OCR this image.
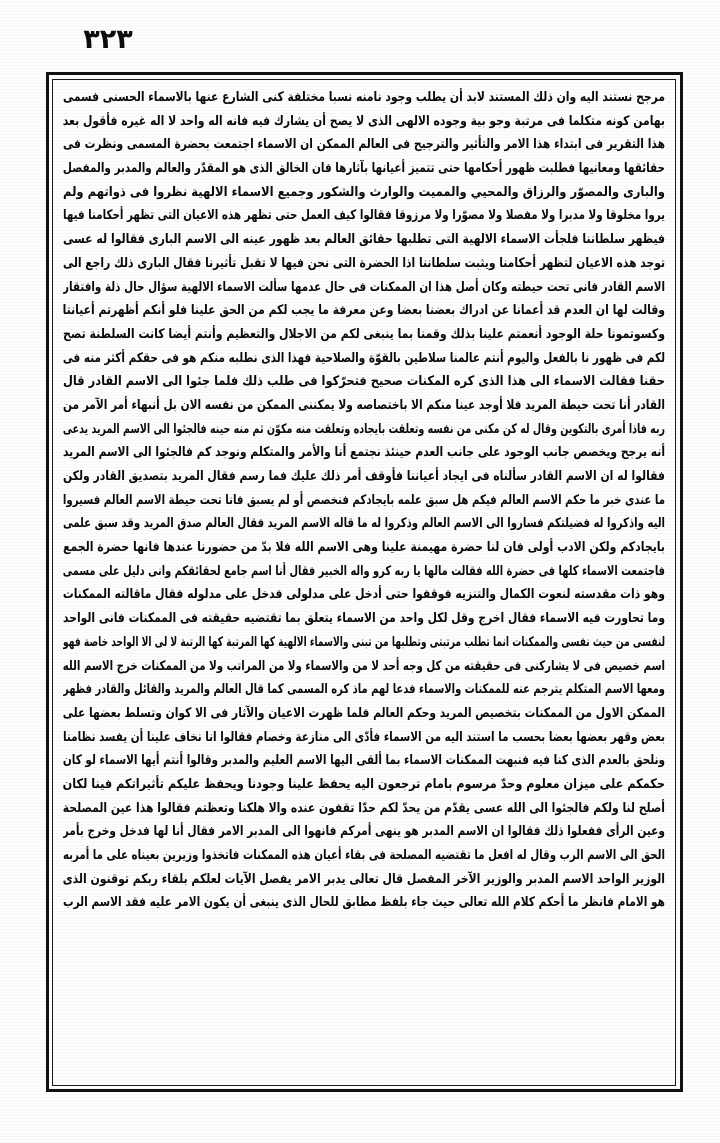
٣٢٣
مرجح نستند اليه وان ذلك المستند لابد أن يطلب وجود نامنه نسبا مختلفة كنى الشارع عنها بالاسماء الحسنى فسمى
بهامن كونه متكلما فى مرتبة وجو بية وجوده الالهى الذى لا يصح أن يشارك فيه فانه اله واحد لا اله غيره فأقول بعد
هذا التقرير فى ابتداء هذا الامر والتأثير والترجيح فى العالم الممكن ان الاسماء اجتمعت بحضرة المسمى ونظرت فى
حقائقها ومعانيها فطلبت ظهور أحكامها حتى تتميز أعيانها بآثارها فان الخالق الذى هو المقدّر والعالم والمدبر والمفصل
والبارى والمصوّر والرزاق والمحيي والمميت والوارث والشكور وجميع الاسماء الالهية نظروا فى ذواتهم ولم
يروا مخلوقا ولا مدبرا ولا مفصلا ولا مصوّرا ولا مرزوقا فقالوا كيف العمل حتى تظهر هذه الاعيان التى تظهر أحكامنا فيها
فيظهر سلطاننا فلجأت الاسماء الالهية التى تطلبها حقائق العالم بعد ظهور عينه الى الاسم البارى فقالوا له عسى
توجد هذه الاعيان لتظهر أحكامنا ويثبت سلطاننا اذا الحضرة التى نحن فيها لا تقبل تأثيرنا فقال البارى ذلك راجع الى
الاسم القادر فانى تحت حيطته وكان أصل هذا ان الممكنات فى حال عدمها سألت الاسماء الالهية سؤال حال ذلة وافتقار
وقالت لها ان العدم قد أعمانا عن ادراك بعضنا بعضا وعن معرفة ما يجب لكم من الحق علينا فلو أنكم أظهرتم أعيانتا
وكسوتمونا حلة الوجود أنعمتم علينا بذلك وقمنا بما ينبغى لكم من الاجلال والتعظيم وأنتم أيضا كانت السلطنة تصح
لكم فى ظهور نا بالفعل واليوم أنتم عالمنا سلاطين بالقوّة والصلاحية فهذا الذى نطلبه منكم هو فى حقكم أكثر منه فى
حقنا فقالت الاسماء الى هذا الذى كره المكنات صحيح فتحرّكوا فى طلب ذلك فلما جئوا الى الاسم القادر قال
القادر أنا تحت حيطة المريد فلا أوجد عينا منكم الا باختصاصه ولا يمكننى الممكن من نفسه الان بل أنبهاء أمر الآمر من
ربه فاذا أمرى بالتكوين وقال له كن مكنى من نفسه وتعلقت بايجاده وتعلقت منه مكوّن ثم منه حينه فالجئوا الى الاسم المريد يدعى
أنه يرجح ويخصص جانب الوجود على جانب العدم حينئذ نجتمع أنا والأمر والمتكلم ونوجد كم فالجئوا الى الاسم المريد
فقالوا له ان الاسم القادر سألناه فى ايجاد أعياننا فأوقف أمر ذلك عليك فما رسم فقال المريد بتصديق القادر ولكن
ما عندى خبر ما حكم الاسم العالم فيكم هل سبق علمه بايجادكم فنخصص أو لم يسبق فانا تحت حيطة الاسم العالم فسيروا
اليه واذكروا له فضيلتكم فساروا الى الاسم العالم وذكروا له ما قاله الاسم المريد فقال العالم صدق المريد وقد سبق علمى
بايجادكم ولكن الادب أولى فان لنا حضرة مهيمنة علينا وهى الاسم الله فلا بدّ من حضورنا عندها فانها حضرة الجمع
فاجتمعت الاسماء كلها فى حضرة الله فقالت مالها يا ربه كرو واله الخبير فقال أنا اسم جامع لحقائقكم وانى دليل على مسمى
وهو ذات مقدسته لنعوت الكمال والتنزيه فوقفوا حتى أدخل على مدلولى فدخل على مدلوله فقال ماقالته الممكنات
وما تحاورت فيه الاسماء فقال اخرج وقل لكل واحد من الاسماء يتعلق بما تقتضيه حقيقته فى الممكنات فانى الواحد
لنفسى من حيث نفسى والممكنات انما تطلب مرتبتى وتطلبها من تبنى والاسماء الالهية كها المرتبة كها الرتبة لا لى الا الواحد خاصة فهو
اسم خصيص فى لا يشاركنى فى حقيقته من كل وجه أحد لا من والاسماء ولا من المراتب ولا من الممكنات خرج الاسم الله
ومعها الاسم المتكلم يترجم عنه للممكنات والاسماء فدعا لهم ماذ كره المسمى كما قال العالم والمريد والقائل والقادر فظهر
الممكن الاول من الممكنات بتخصيص المريد وحكم العالم فلما ظهرت الاعيان والآثار فى الا كوان وتسلط بعضها على
بعض وقهر بعضها بعضا بحسب ما استند اليه من الاسماء فأدّى الى منازعة وخصام فقالوا انا نخاف علينا أن يفسد نظامنا
ونلحق بالعدم الذى كنا فيه فنبهت الممكنات الاسماء بما ألقى اليها الاسم العليم والمدبر وقالوا أنتم أيها الاسماء لو كان
حكمكم على ميزان معلوم وحدّ مرسوم بامام ترجعون اليه يحفظ علينا وجودنا ويحفظ عليكم تأثيراتكم فينا لكان
أصلح لنا ولكم فالجئوا الى الله عسى يقدّم من يحدّ لكم حدّا تقفون عنده والا هلكنا وتعظتم فقالوا هذا عين المصلحة
وعين الرأى ففعلوا ذلك فقالوا ان الاسم المدبر هو ينهى أمركم فانهوا الى المدبر الامر فقال أنا لها فدخل وخرج بأمر
الحق الى الاسم الرب وقال له افعل ما تقتضيه المصلحة فى بقاء أعيان هذه الممكنات فاتخذوا وزيرين بعيناه على ما أمربه
الوزير الواحد الاسم المدبر والوزير الآخر المفصل قال تعالى يدبر الامر يفصل الآيات لعلكم بلقاء ربكم توقنون الذى
هو الامام فانظر ما أحكم كلام الله تعالى حيث جاء بلفظ مطابق للحال الذى ينبغى أن يكون الامر عليه فقد الاسم الرب
